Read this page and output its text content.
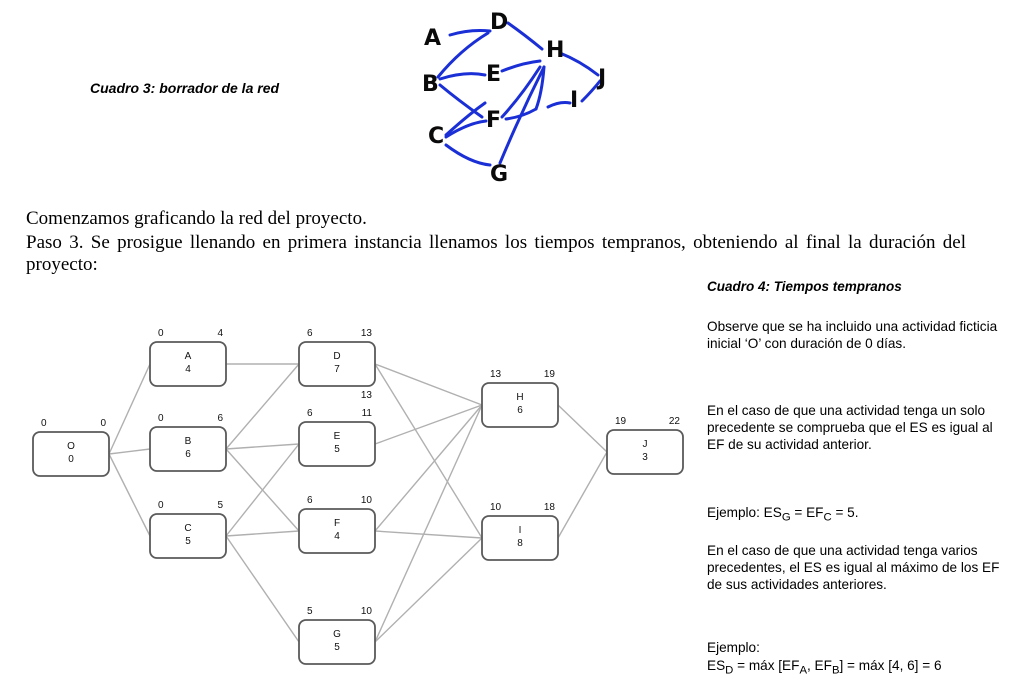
Cuadro 3: borrador de la red
A
D
H
B E	J
F
I
C
G
Comenzamos graficando la red del proyecto.
Paso 3. Se prosigue llenando en primera instancia llenamos los tiempos tempranos, obteniendo al final la duración del proyecto:
Cuadro 4: Tiempos tempranos

Observe que se ha incluido una actividad ficticia inicial ‘O’ con duración de 0 días.

En el caso de que una actividad tenga un solo precedente se comprueba que el ES es igual al EF de su actividad anterior.

Ejemplo: $ES_G = EF_C = 5$.

En el caso de que una actividad tenga varios precedentes, el ES es igual al máximo de los EF de sus actividades anteriores.

Ejemplo:
$ES_D$ = máx [$EF_A$, $EF_B$] = máx [4, 6] = 6
O
0
0	0
A
4
0	4
B
6
0	6
C
5
0	5
D
7
6	13
13
E
5
6	11
F
4
6	10
G
5
5	10
H
6
13	19
I
8
10	18
J
3
19	22
